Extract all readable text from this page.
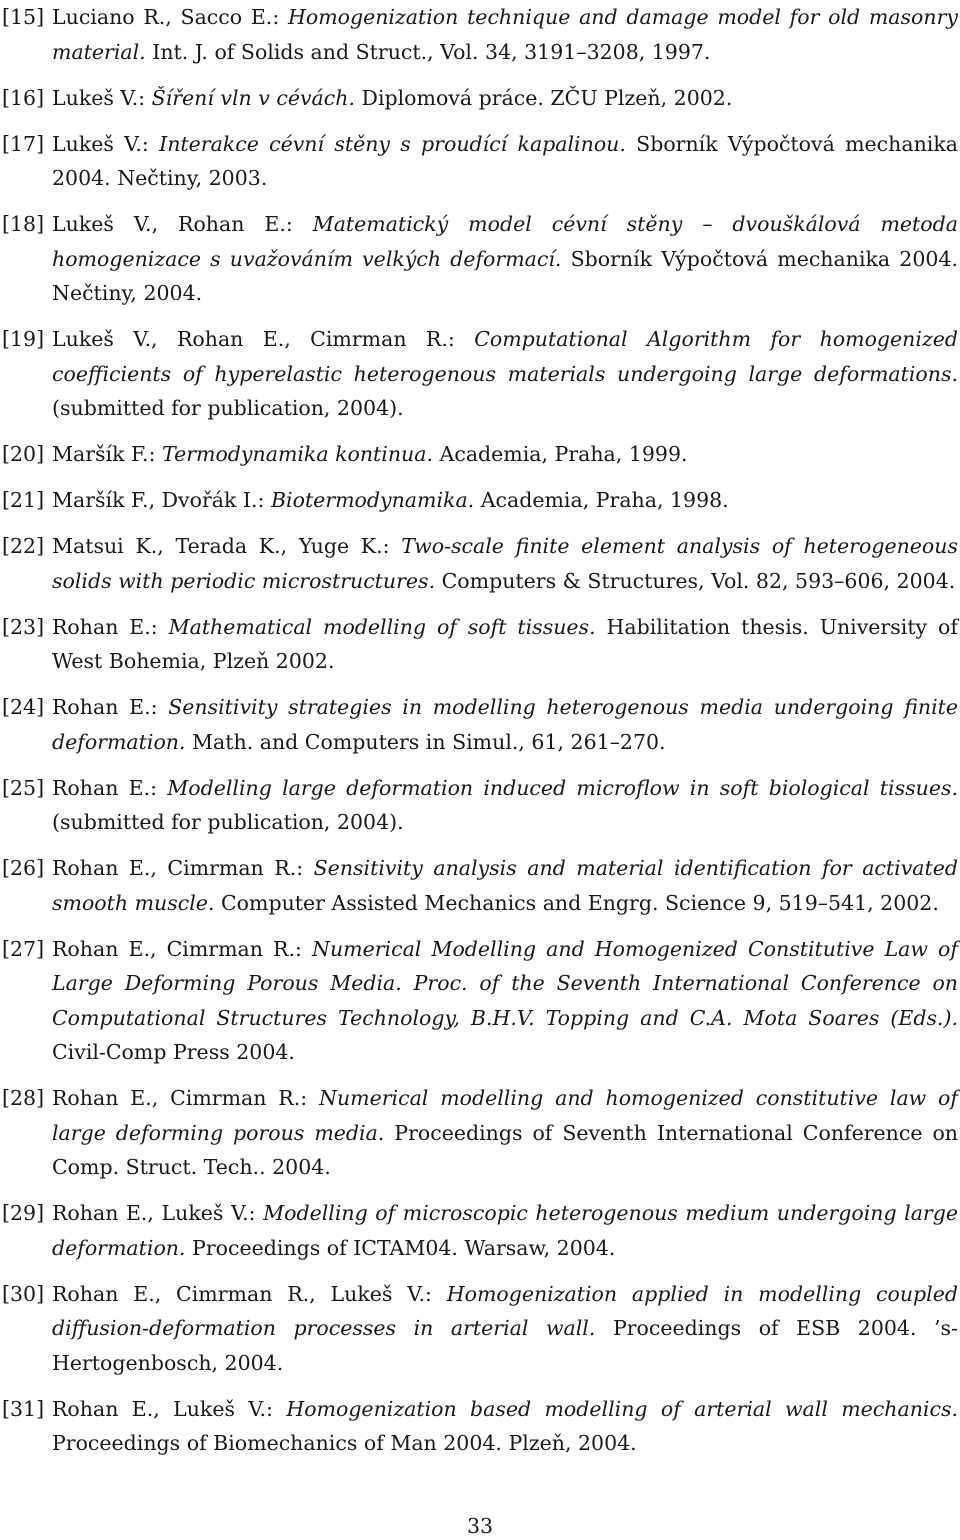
[15] Luciano R., Sacco E.: Homogenization technique and damage model for old masonry material. Int. J. of Solids and Struct., Vol. 34, 3191–3208, 1997.
[16] Lukeš V.: Šíření vln v cévách. Diplomová práce. ZČU Plzeň, 2002.
[17] Lukeš V.: Interakce cévní stěny s proudící kapalinou. Sborník Výpočtová mechanika 2004. Nečtiny, 2003.
[18] Lukeš V., Rohan E.: Matematický model cévní stěny – dvouškálová metoda homogenizace s uvažováním velkých deformací. Sborník Výpočtová mechanika 2004. Nečtiny, 2004.
[19] Lukeš V., Rohan E., Cimrman R.: Computational Algorithm for homogenized coefficients of hyperelastic heterogenous materials undergoing large deformations. (submitted for publication, 2004).
[20] Maršík F.: Termodynamika kontinua. Academia, Praha, 1999.
[21] Maršík F., Dvořák I.: Biotermodynamika. Academia, Praha, 1998.
[22] Matsui K., Terada K., Yuge K.: Two-scale finite element analysis of heterogeneous solids with periodic microstructures. Computers & Structures, Vol. 82, 593–606, 2004.
[23] Rohan E.: Mathematical modelling of soft tissues. Habilitation thesis. University of West Bohemia, Plzeň 2002.
[24] Rohan E.: Sensitivity strategies in modelling heterogenous media undergoing finite deformation. Math. and Computers in Simul., 61, 261–270.
[25] Rohan E.: Modelling large deformation induced microflow in soft biological tissues. (submitted for publication, 2004).
[26] Rohan E., Cimrman R.: Sensitivity analysis and material identification for activated smooth muscle. Computer Assisted Mechanics and Engrg. Science 9, 519–541, 2002.
[27] Rohan E., Cimrman R.: Numerical Modelling and Homogenized Constitutive Law of Large Deforming Porous Media. Proc. of the Seventh International Conference on Computational Structures Technology, B.H.V. Topping and C.A. Mota Soares (Eds.). Civil-Comp Press 2004.
[28] Rohan E., Cimrman R.: Numerical modelling and homogenized constitutive law of large deforming porous media. Proceedings of Seventh International Conference on Comp. Struct. Tech.. 2004.
[29] Rohan E., Lukeš V.: Modelling of microscopic heterogenous medium undergoing large deformation. Proceedings of ICTAM04. Warsaw, 2004.
[30] Rohan E., Cimrman R., Lukeš V.: Homogenization applied in modelling coupled diffusion-deformation processes in arterial wall. Proceedings of ESB 2004. ’s-Hertogenbosch, 2004.
[31] Rohan E., Lukeš V.: Homogenization based modelling of arterial wall mechanics. Proceedings of Biomechanics of Man 2004. Plzeň, 2004.
33
